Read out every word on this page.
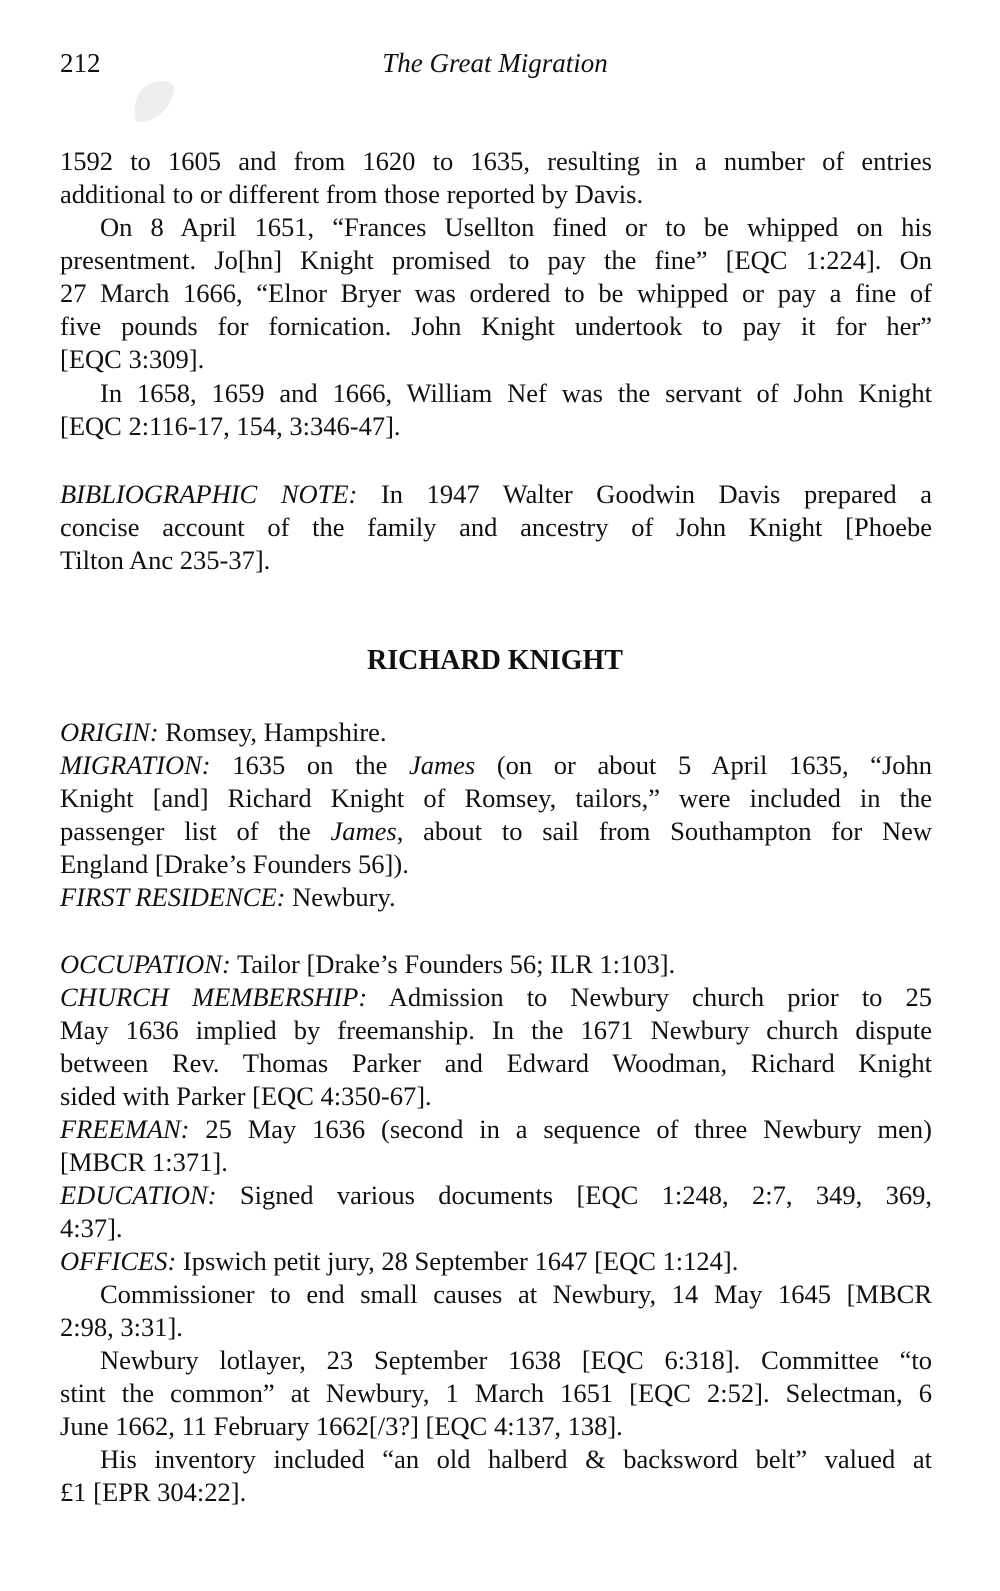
212	The Great Migration
1592 to 1605 and from 1620 to 1635, resulting in a number of entries
additional to or different from those reported by Davis.
On 8 April 1651, “Frances Usellton fined or to be whipped on his
presentment. Jo[hn] Knight promised to pay the fine” [EQC 1:224]. On
27 March 1666, “Elnor Bryer was ordered to be whipped or pay a fine of
five pounds for fornication. John Knight undertook to pay it for her”
[EQC 3:309].
In 1658, 1659 and 1666, William Nef was the servant of John Knight
[EQC 2:116-17, 154, 3:346-47].
BIBLIOGRAPHIC NOTE: In 1947 Walter Goodwin Davis prepared a
concise account of the family and ancestry of John Knight [Phoebe
Tilton Anc 235-37].
RICHARD KNIGHT
ORIGIN: Romsey, Hampshire.
MIGRATION: 1635 on the James (on or about 5 April 1635, “John
Knight [and] Richard Knight of Romsey, tailors,” were included in the
passenger list of the James, about to sail from Southampton for New
England [Drake’s Founders 56]).
FIRST RESIDENCE: Newbury.
OCCUPATION: Tailor [Drake’s Founders 56; ILR 1:103].
CHURCH MEMBERSHIP: Admission to Newbury church prior to 25
May 1636 implied by freemanship. In the 1671 Newbury church dispute
between Rev. Thomas Parker and Edward Woodman, Richard Knight
sided with Parker [EQC 4:350-67].
FREEMAN: 25 May 1636 (second in a sequence of three Newbury men)
[MBCR 1:371].
EDUCATION: Signed various documents [EQC 1:248, 2:7, 349, 369,
4:37].
OFFICES: Ipswich petit jury, 28 September 1647 [EQC 1:124].
Commissioner to end small causes at Newbury, 14 May 1645 [MBCR
2:98, 3:31].
Newbury lotlayer, 23 September 1638 [EQC 6:318]. Committee “to
stint the common” at Newbury, 1 March 1651 [EQC 2:52]. Selectman, 6
June 1662, 11 February 1662[/3?] [EQC 4:137, 138].
His inventory included “an old halberd & backsword belt” valued at
£1 [EPR 304:22].
